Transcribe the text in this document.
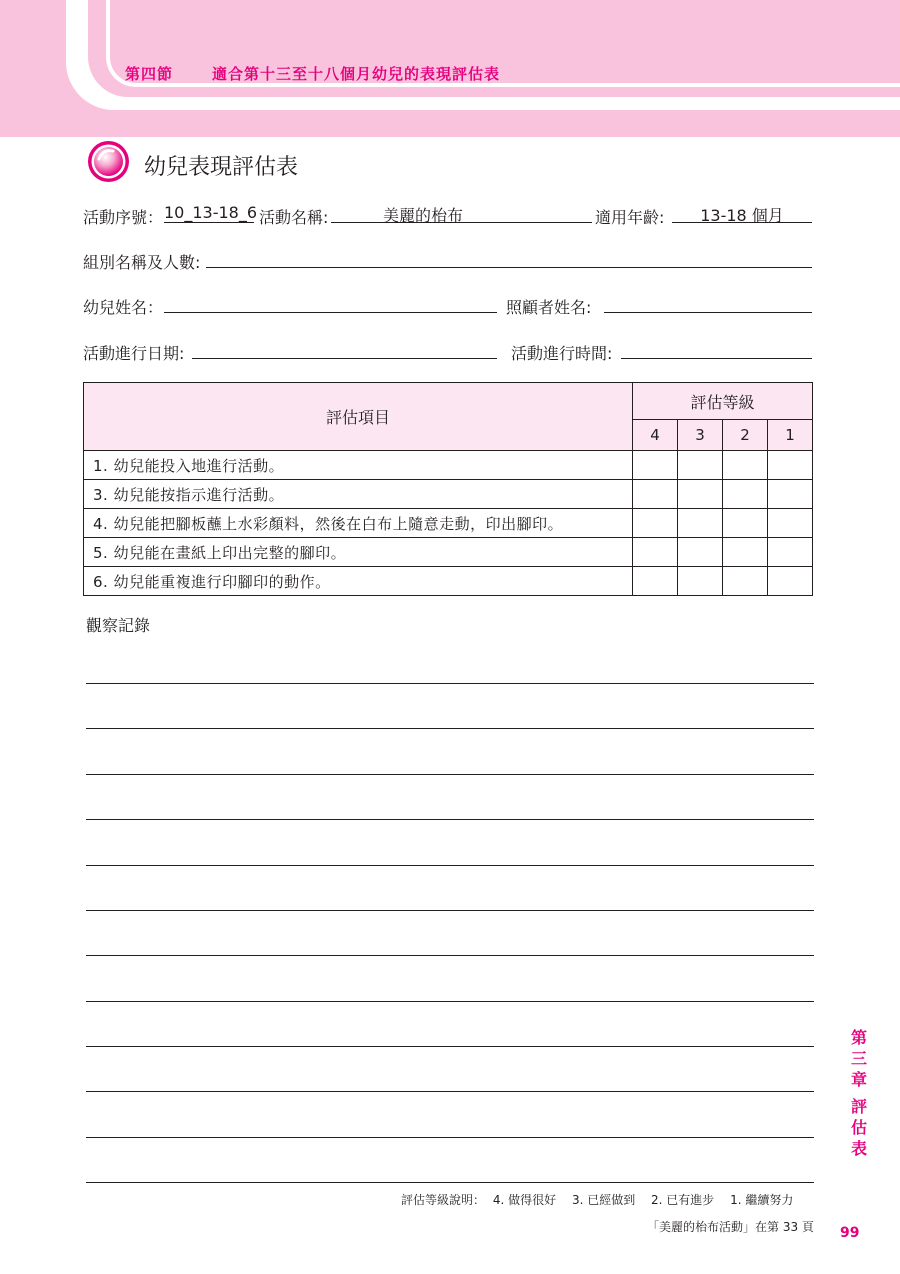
第四節	適合第十三至十八個月幼兒的表現評估表
幼兒表現評估表
活動序號： 10_13-18_6 活動名稱:	美麗的枱布	適用年齡:	13-18 個月
組別名稱及人數:
幼兒姓名：	照顧者姓名:
活動進行日期:	活動進行時間:
評估項目	評估等級			
	4	3	2	1
1. 幼兒能投入地進行活動。				
3. 幼兒能按指示進行活動。				
4. 幼兒能把腳板蘸上水彩顏料，然後在白布上隨意走動，印出腳印。				
5. 幼兒能在畫紙上印出完整的腳印。				
6. 幼兒能重複進行印腳印的動作。				
觀察記錄
第
三
章
評
估
表
評估等級說明： 4. 做得很好 3. 已經做到 2. 已有進步 1. 繼續努力
「美麗的枱布活動」在第 33 頁 99
